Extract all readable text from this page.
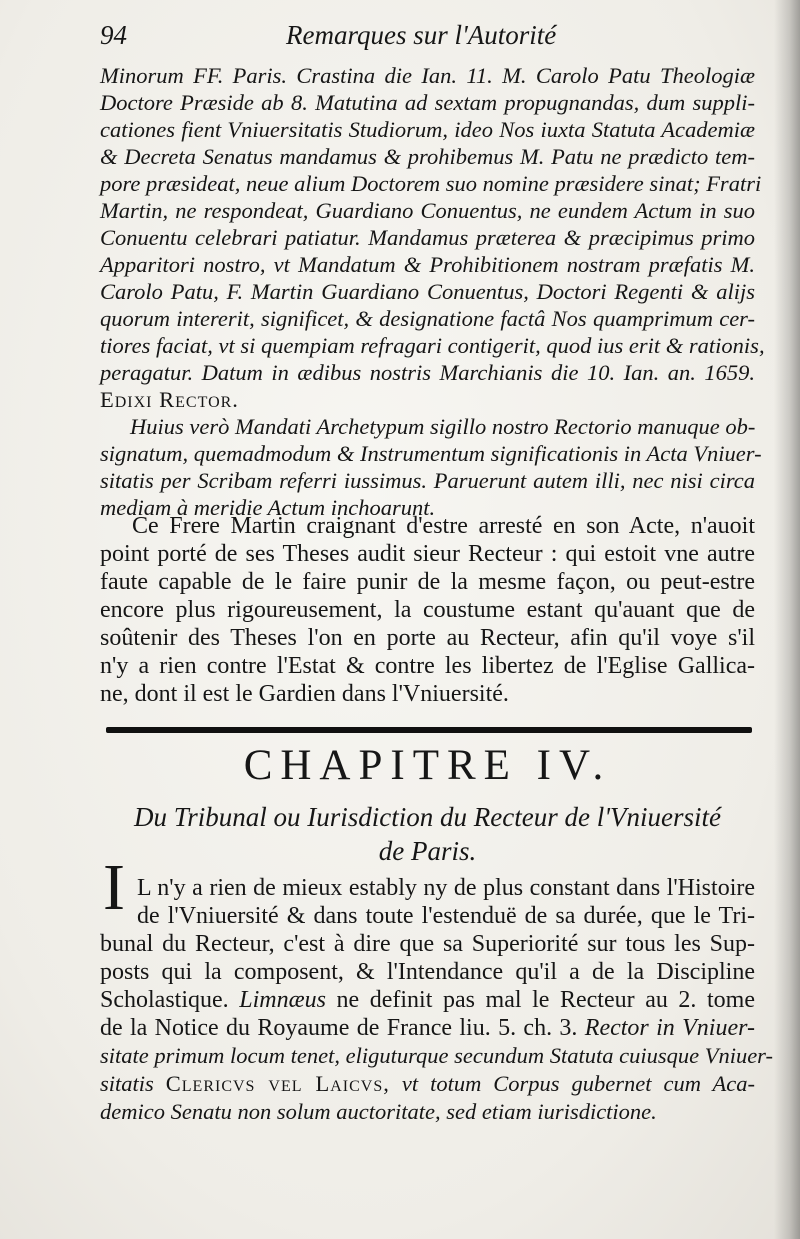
94	Remarques sur l'Autorité
Minorum FF. Paris. Crastina die Ian. 11. M. Carolo Patu Theologiæ
Doctore Præside ab 8. Matutina ad sextam propugnandas, dum suppli-
cationes fient Vniuersitatis Studiorum, ideo Nos iuxta Statuta Academiæ
& Decreta Senatus mandamus & prohibemus M. Patu ne prædicto tem-
pore præsideat, neue alium Doctorem suo nomine præsidere sinat; Fratri
Martin, ne respondeat, Guardiano Conuentus, ne eundem Actum in suo
Conuentu celebrari patiatur. Mandamus præterea & præcipimus primo
Apparitori nostro, vt Mandatum & Prohibitionem nostram præfatis M.
Carolo Patu, F. Martin Guardiano Conuentus, Doctori Regenti & alijs
quorum intererit, significet, & designatione factâ Nos quamprimum cer-
tiores faciat, vt si quempiam refragari contigerit, quod ius erit & rationis,
peragatur. Datum in ædibus nostris Marchianis die 10. Ian. an. 1659.
Edixi Rector.
Huius verò Mandati Archetypum sigillo nostro Rectorio manuque ob-
signatum, quemadmodum & Instrumentum significationis in Acta Vniuer-
sitatis per Scribam referri iussimus. Paruerunt autem illi, nec nisi circa
mediam à meridie Actum inchoarunt.
Ce Frere Martin craignant d'estre arresté en son Acte, n'auoit
point porté de ses Theses audit sieur Recteur : qui estoit vne autre
faute capable de le faire punir de la mesme façon, ou peut-estre
encore plus rigoureusement, la coustume estant qu'auant que de
soûtenir des Theses l'on en porte au Recteur, afin qu'il voye s'il
n'y a rien contre l'Estat & contre les libertez de l'Eglise Gallica-
ne, dont il est le Gardien dans l'Vniuersité.
CHAPITRE IV.
Du Tribunal ou Iurisdiction du Recteur de l'Vniuersité
de Paris.
I L n'y a rien de mieux estably ny de plus constant dans l'Histoire
de l'Vniuersité & dans toute l'estenduë de sa durée, que le Tri-
bunal du Recteur, c'est à dire que sa Superiorité sur tous les Sup-
posts qui la composent, & l'Intendance qu'il a de la Discipline
Scholastique. Limnæus ne definit pas mal le Recteur au 2. tome
de la Notice du Royaume de France liu. 5. ch. 3. Rector in Vniuer-
sitate primum locum tenet, eliguturque secundum Statuta cuiusque Vniuer-
sitatis Clericvs vel Laicvs, vt totum Corpus gubernet cum Aca-
demico Senatu non solum auctoritate, sed etiam iurisdictione.
